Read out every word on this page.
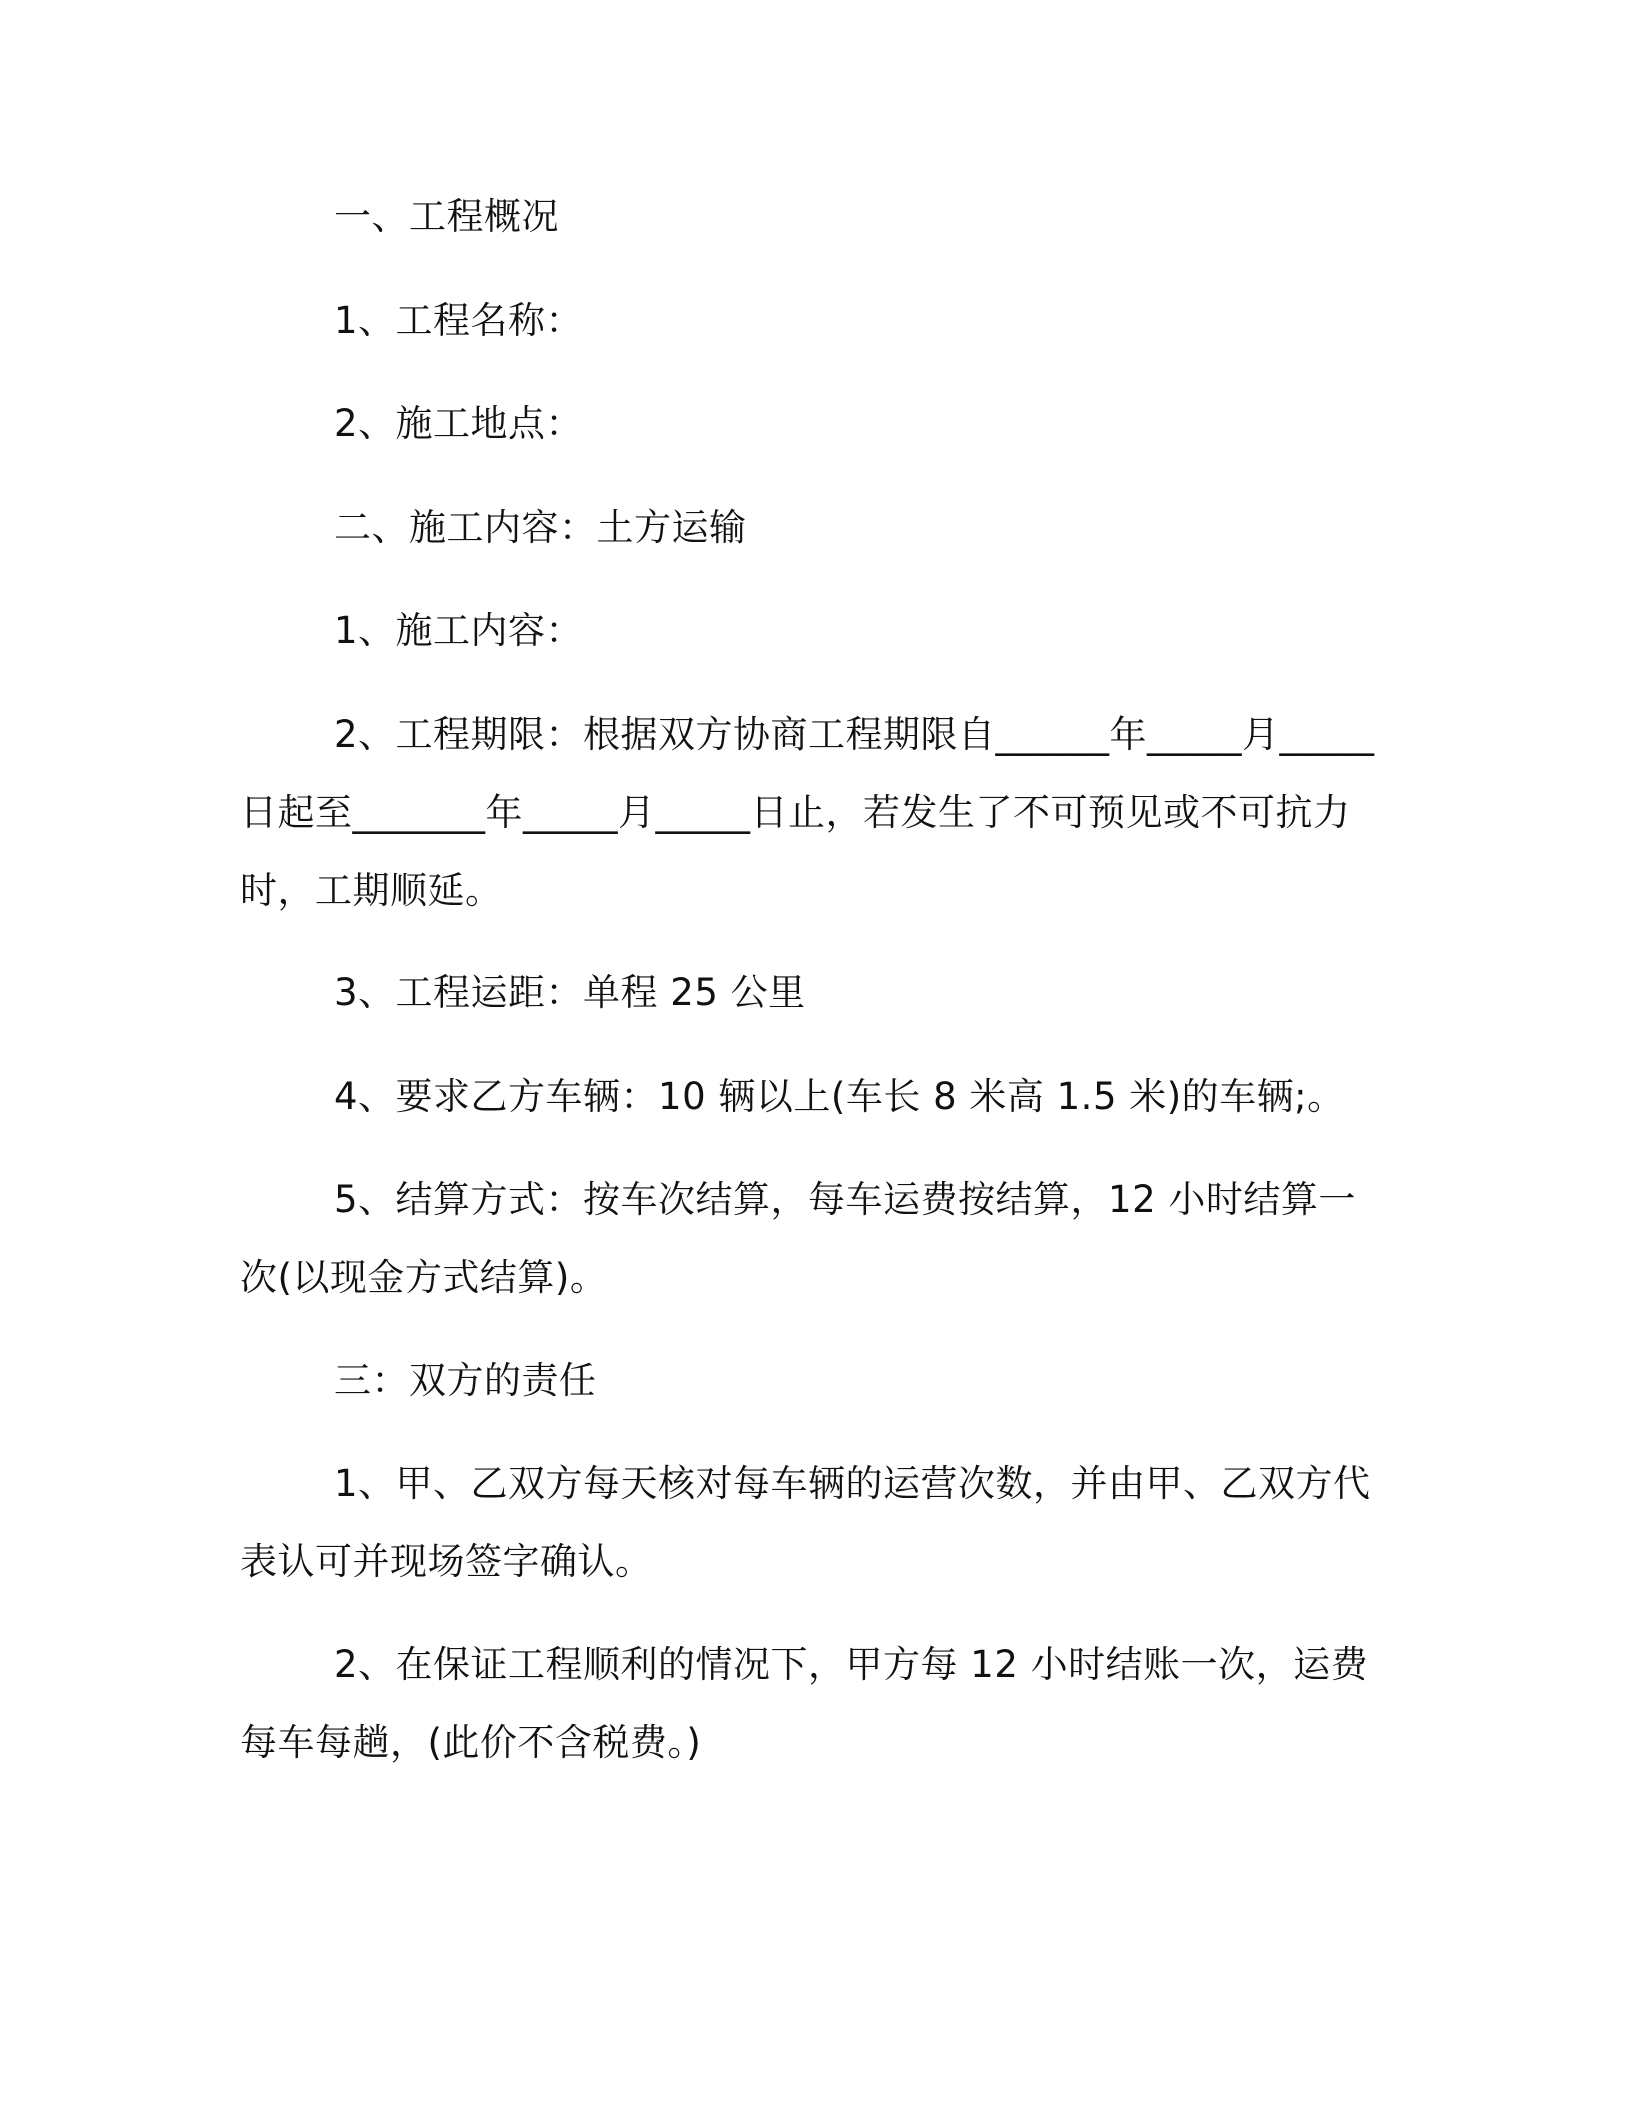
一、工程概况
1、工程名称：
2、施工地点：
二、施工内容：土方运输
1、施工内容：
2、工程期限：根据双方协商工程期限自______年_____月_____日起至_______年_____月_____日止，若发生了不可预见或不可抗力时，工期顺延。
3、工程运距：单程 25 公里
4、要求乙方车辆：10 辆以上(车长 8 米高 1.5 米)的车辆;。
5、结算方式：按车次结算，每车运费按结算，12 小时结算一次(以现金方式结算)。
三：双方的责任
1、甲、乙双方每天核对每车辆的运营次数，并由甲、乙双方代表认可并现场签字确认。
2、在保证工程顺利的情况下，甲方每 12 小时结账一次，运费每车每趟，(此价不含税费。)
